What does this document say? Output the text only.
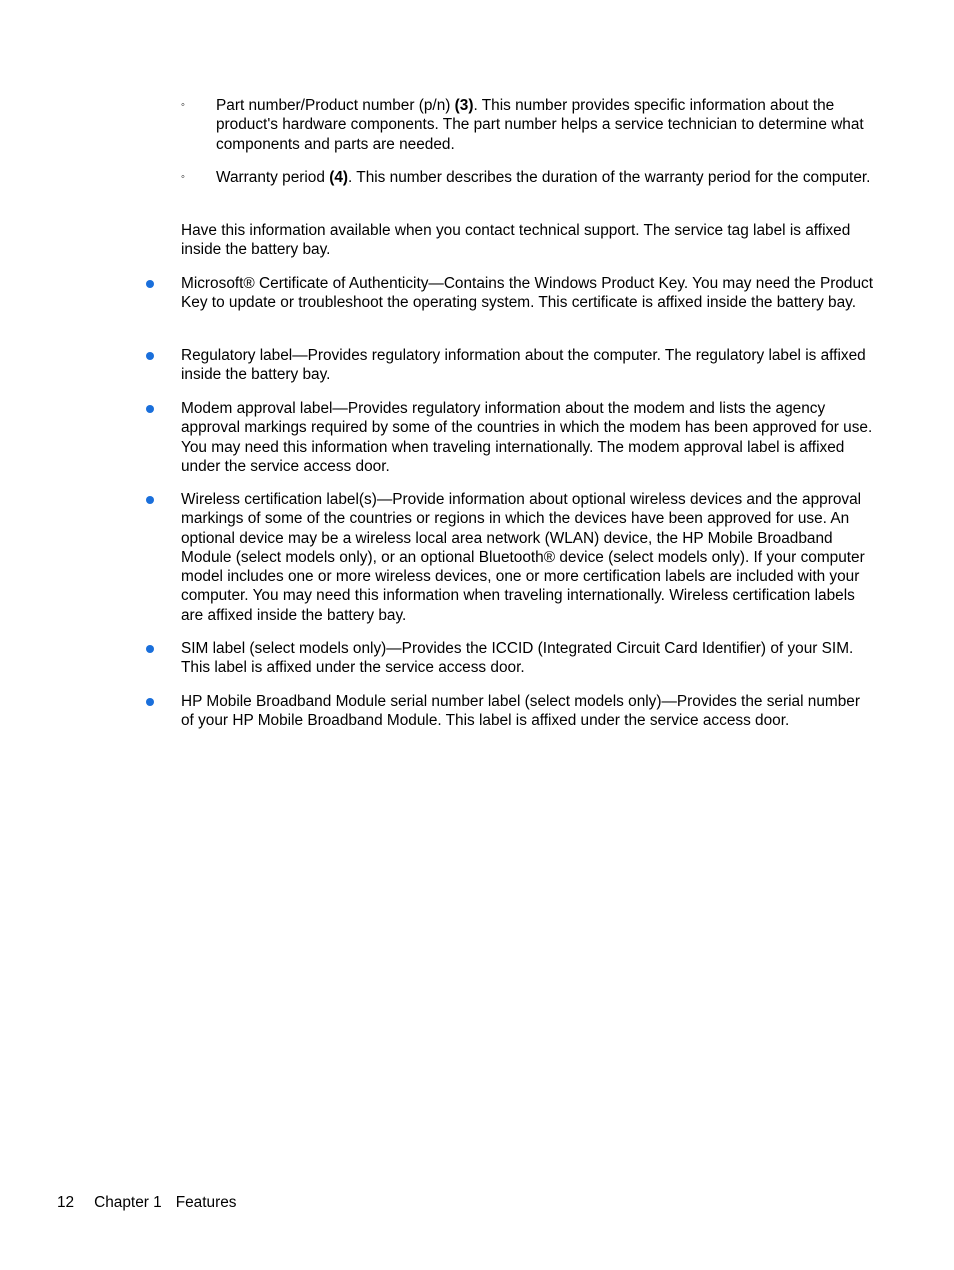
◦ Part number/Product number (p/n) (3). This number provides specific information about the product's hardware components. The part number helps a service technician to determine what components and parts are needed.
◦ Warranty period (4). This number describes the duration of the warranty period for the computer.
Have this information available when you contact technical support. The service tag label is affixed inside the battery bay.
Microsoft® Certificate of Authenticity—Contains the Windows Product Key. You may need the Product Key to update or troubleshoot the operating system. This certificate is affixed inside the battery bay.
Regulatory label—Provides regulatory information about the computer. The regulatory label is affixed inside the battery bay.
Modem approval label—Provides regulatory information about the modem and lists the agency approval markings required by some of the countries in which the modem has been approved for use. You may need this information when traveling internationally. The modem approval label is affixed under the service access door.
Wireless certification label(s)—Provide information about optional wireless devices and the approval markings of some of the countries or regions in which the devices have been approved for use. An optional device may be a wireless local area network (WLAN) device, the HP Mobile Broadband Module (select models only), or an optional Bluetooth® device (select models only). If your computer model includes one or more wireless devices, one or more certification labels are included with your computer. You may need this information when traveling internationally. Wireless certification labels are affixed inside the battery bay.
SIM label (select models only)—Provides the ICCID (Integrated Circuit Card Identifier) of your SIM. This label is affixed under the service access door.
HP Mobile Broadband Module serial number label (select models only)—Provides the serial number of your HP Mobile Broadband Module. This label is affixed under the service access door.
12 Chapter 1 Features
